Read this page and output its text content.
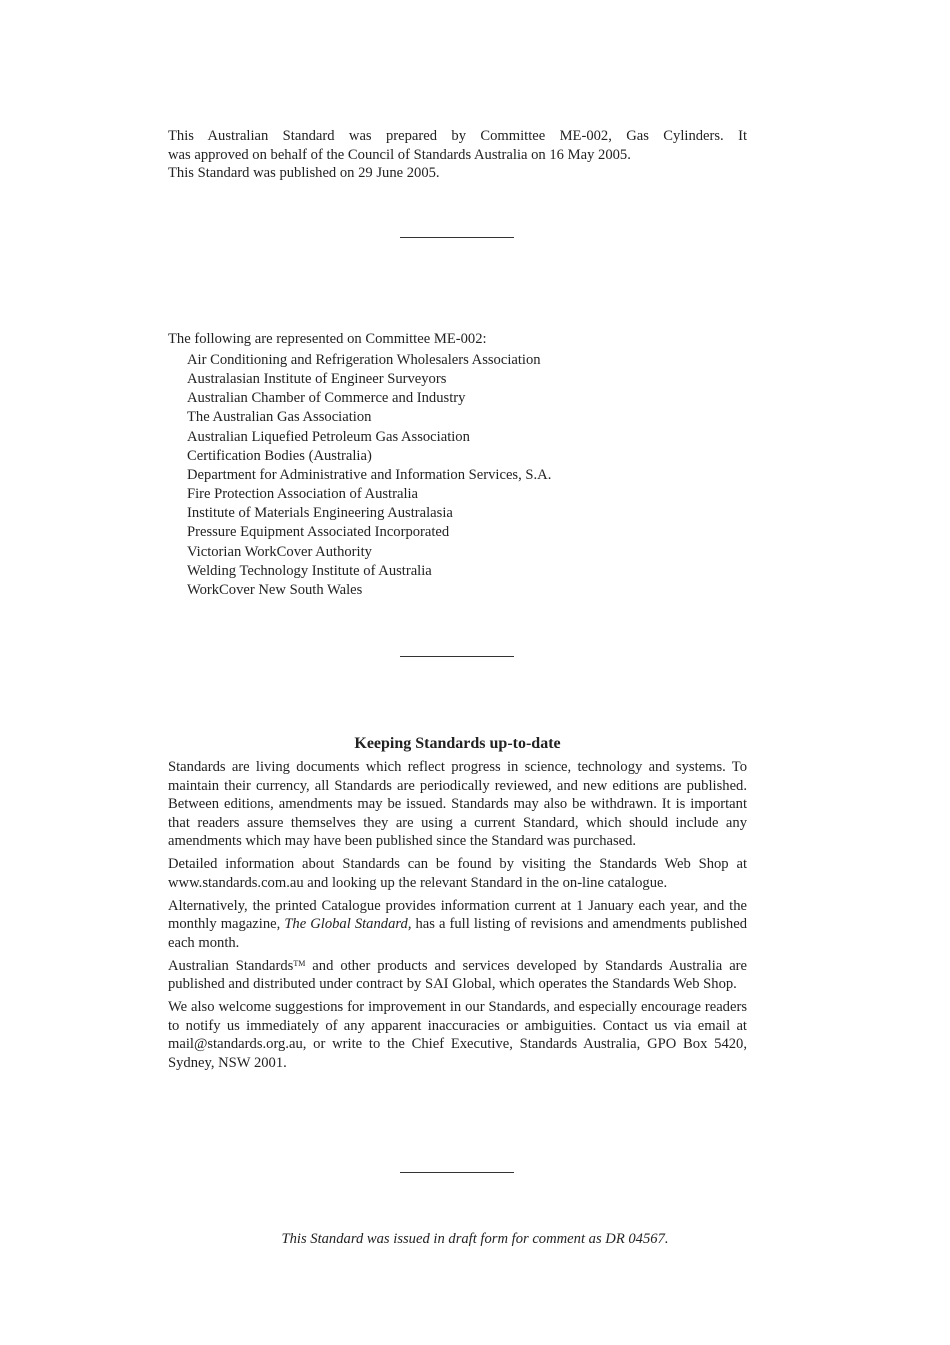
This Australian Standard was prepared by Committee ME-002, Gas Cylinders. It
was approved on behalf of the Council of Standards Australia on 16 May 2005.
This Standard was published on 29 June 2005.

The following are represented on Committee ME-002:

Air Conditioning and Refrigeration Wholesalers Association
Australasian Institute of Engineer Surveyors
Australian Chamber of Commerce and Industry
The Australian Gas Association
Australian Liquefied Petroleum Gas Association
Certification Bodies (Australia)
Department for Administrative and Information Services, S.A.
Fire Protection Association of Australia
Institute of Materials Engineering Australasia
Pressure Equipment Associated Incorporated
Victorian WorkCover Authority
Welding Technology Institute of Australia
WorkCover New South Wales
Keeping Standards up-to-date

Standards are living documents which reflect progress in science, technology and systems. To maintain their currency, all Standards are periodically reviewed, and new editions are published. Between editions, amendments may be issued. Standards may also be withdrawn. It is important that readers assure themselves they are using a current Standard, which should include any amendments which may have been published since the Standard was purchased.

Detailed information about Standards can be found by visiting the Standards Web Shop at www.standards.com.au and looking up the relevant Standard in the on-line catalogue.

Alternatively, the printed Catalogue provides information current at 1 January each year, and the monthly magazine, The Global Standard, has a full listing of revisions and amendments published each month.

Australian Standards™ and other products and services developed by Standards Australia are published and distributed under contract by SAI Global, which operates the Standards Web Shop.

We also welcome suggestions for improvement in our Standards, and especially encourage readers to notify us immediately of any apparent inaccuracies or ambiguities. Contact us via email at mail@standards.org.au, or write to the Chief Executive, Standards Australia, GPO Box 5420, Sydney, NSW 2001.

This Standard was issued in draft form for comment as DR 04567.
